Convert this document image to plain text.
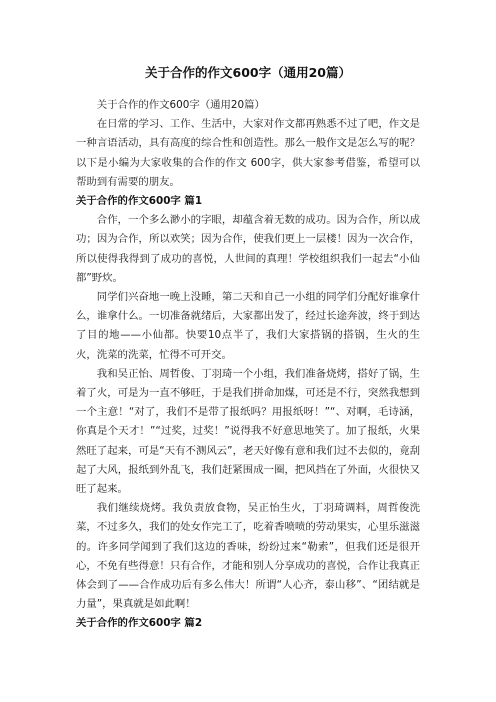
关于合作的作文600字（通用20篇）

关于合作的作文600字（通用20篇）

在日常的学习、工作、生活中，大家对作文都再熟悉不过了吧，作文是一种言语活动，具有高度的综合性和创造性。那么一般作文是怎么写的呢？以下是小编为大家收集的合作的作文 600字，供大家参考借鉴，希望可以帮助到有需要的朋友。

关于合作的作文600字 篇1

合作，一个多么渺小的字眼，却蕴含着无数的成功。因为合作，所以成功；因为合作，所以欢笑；因为合作，使我们更上一层楼！因为一次合作，所以使得我得到了成功的喜悦，人世间的真理！学校组织我们一起去“小仙都”野炊。

同学们兴奋地一晚上没睡，第二天和自己一小组的同学们分配好谁拿什么，谁拿什么。一切准备就绪后，大家都出发了，经过长途奔波，终于到达了目的地——小仙都。快要10点半了，我们大家搭锅的搭锅，生火的生火，洗菜的洗菜，忙得不可开交。

我和吴正怡、周哲俊、丁羽琦一个小组，我们准备烧烤，搭好了锅，生着了火，可是为一直不够旺，于是我们拼命加煤，可还是不行，突然我想到一个主意！“对了，我们不是带了报纸吗？用报纸呀！”“、对啊，毛诗涵，你真是个天才！”“过奖，过奖！”说得我不好意思地笑了。加了报纸，火果然旺了起来，可是“天有不测风云”，老天好像有意和我们过不去似的，竟刮起了大风，报纸到外乱飞，我们赶紧围成一圈，把风挡在了外面，火很快又旺了起来。

我们继续烧烤。我负责放食物，吴正怡生火，丁羽琦调料，周哲俊洗菜，不过多久，我们的处女作完工了，吃着香喷喷的劳动果实，心里乐滋滋的。许多同学闻到了我们这边的香味，纷纷过来“勒索”，但我们还是很开心，不免有些得意！只有合作，才能和别人分享成功的喜悦，合作让我真正体会到了——合作成功后有多么伟大！所谓“人心齐，泰山移”、“团结就是力量”，果真就是如此啊！

关于合作的作文600字 篇2
